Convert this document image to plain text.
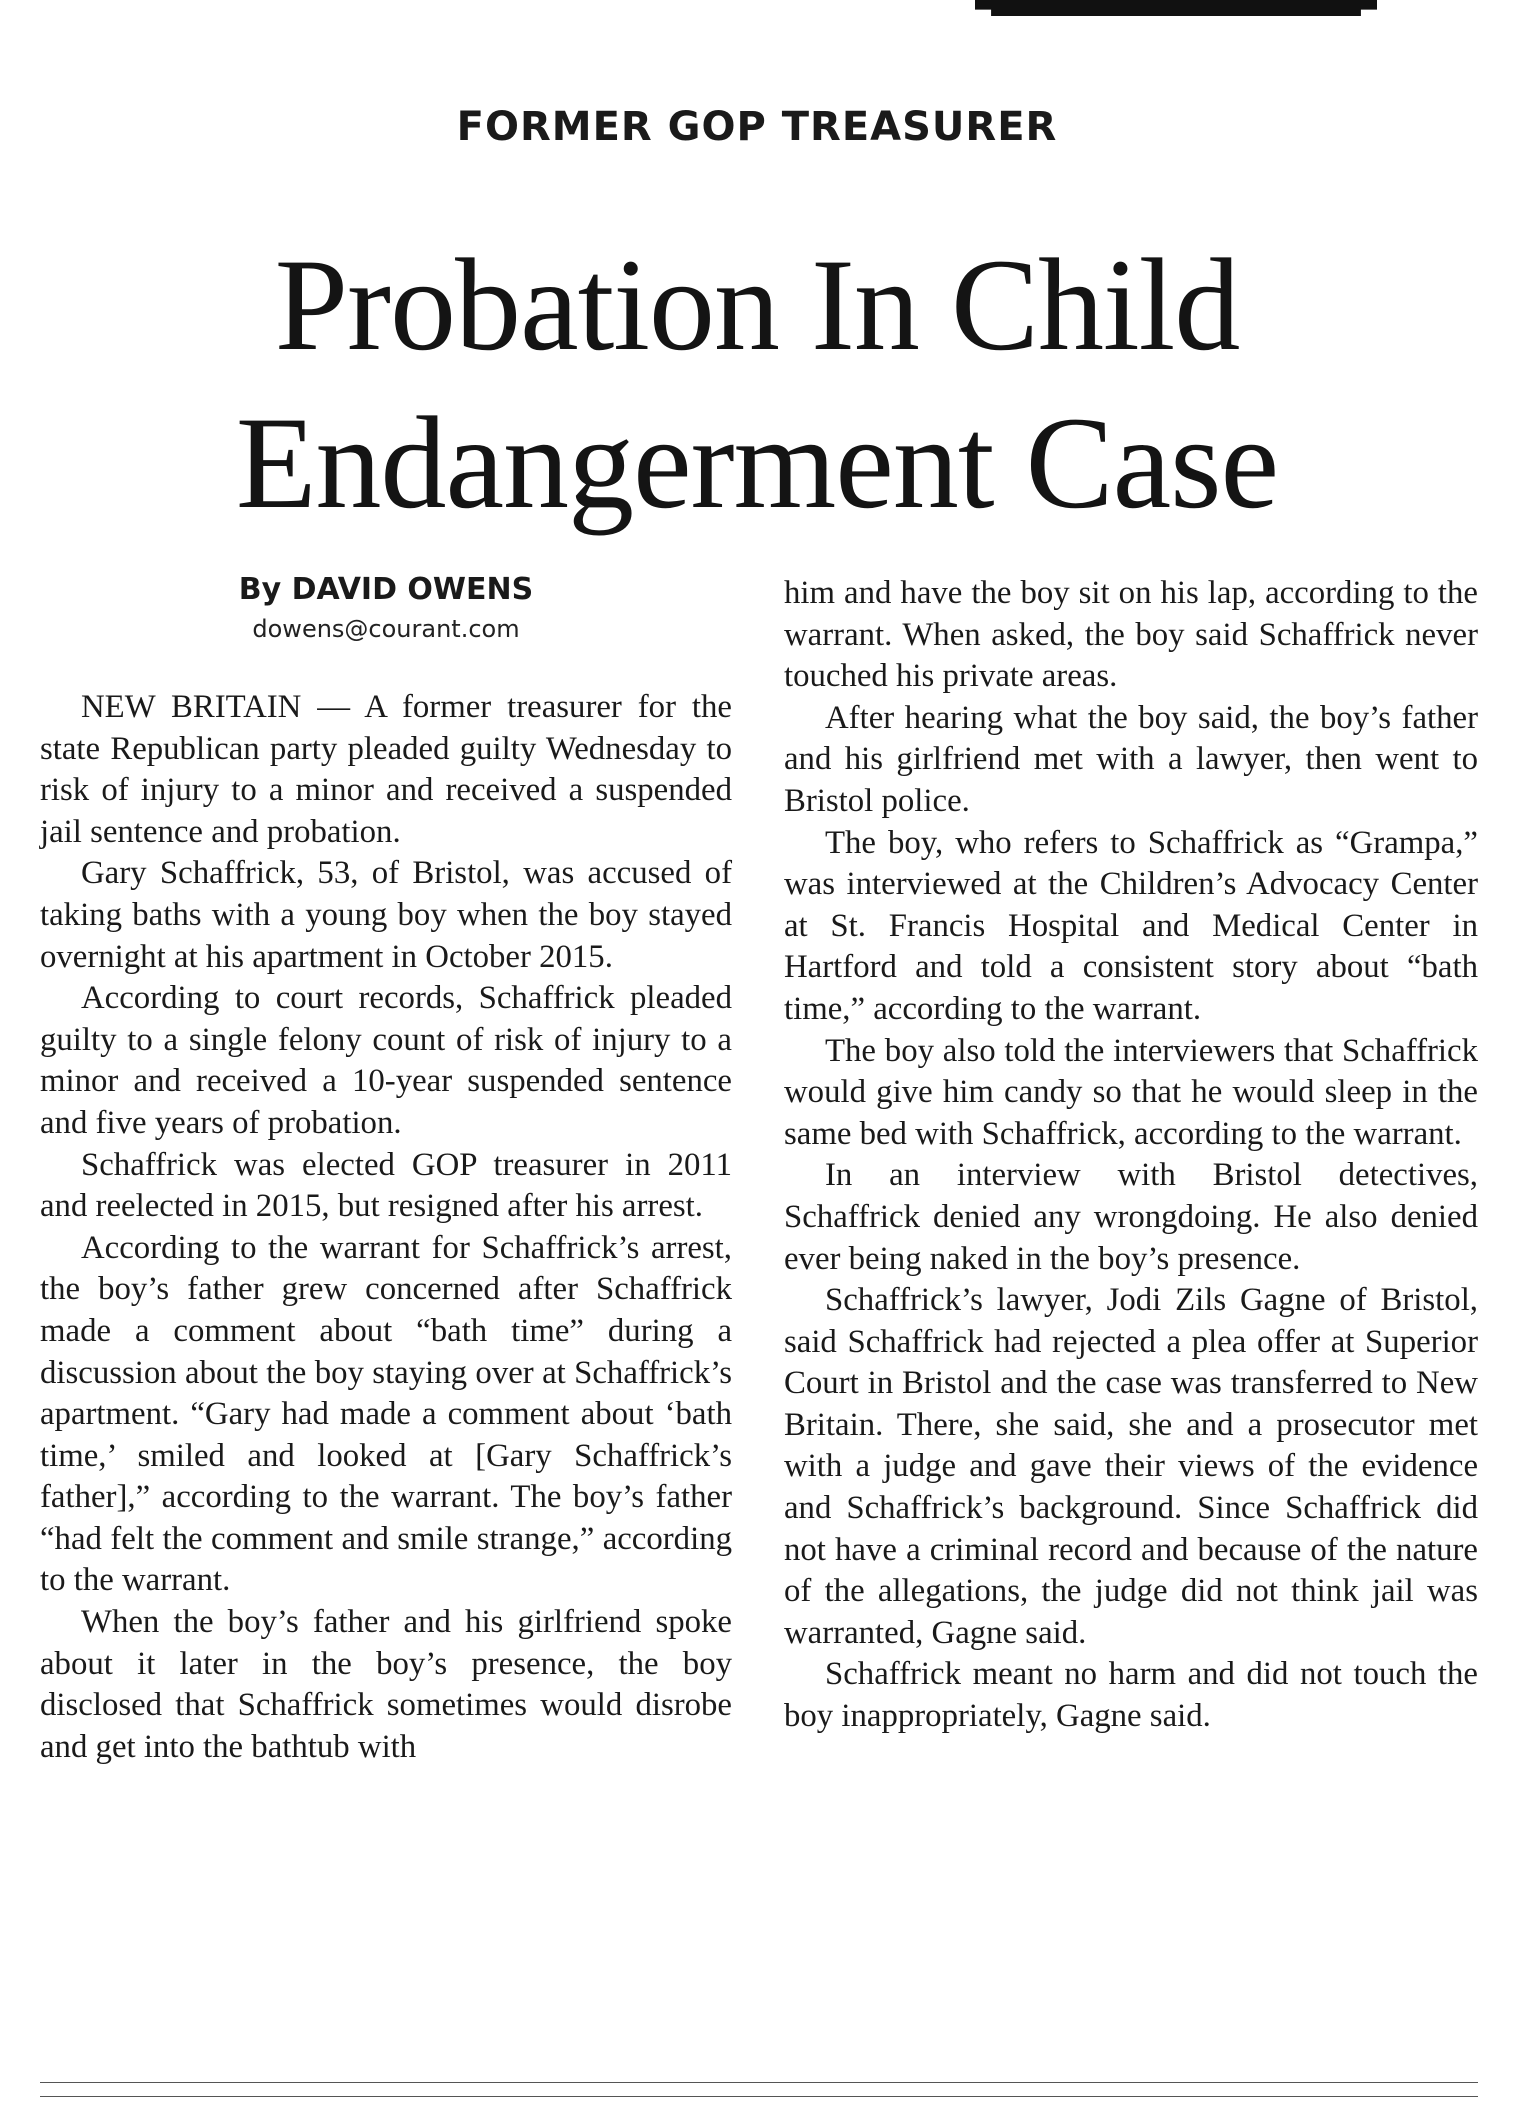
FORMER GOP TREASURER
Probation In Child
Endangerment Case
By DAVID OWENS
dowens@courant.com

NEW BRITAIN — A former treasurer for the state Republican party pleaded guilty Wednesday to risk of injury to a minor and received a suspended jail sentence and probation.

Gary Schaffrick, 53, of Bristol, was accused of taking baths with a young boy when the boy stayed overnight at his apartment in October 2015.

According to court records, Schaffrick pleaded guilty to a single felony count of risk of injury to a minor and received a 10-year suspended sentence and five years of probation.

Schaffrick was elected GOP treasurer in 2011 and reelected in 2015, but resigned after his arrest.

According to the warrant for Schaffrick’s arrest, the boy’s father grew concerned after Schaffrick made a comment about “bath time” during a discussion about the boy staying over at Schaffrick’s apartment. “Gary had made a comment about ‘bath time,’ smiled and looked at [Gary Schaffrick’s father],” according to the warrant. The boy’s father “had felt the comment and smile strange,” according to the warrant.

When the boy’s father and his girlfriend spoke about it later in the boy’s presence, the boy disclosed that Schaffrick sometimes would disrobe and get into the bathtub with

him and have the boy sit on his lap, according to the warrant. When asked, the boy said Schaffrick never touched his private areas.

After hearing what the boy said, the boy’s father and his girlfriend met with a lawyer, then went to Bristol police.

The boy, who refers to Schaffrick as “Grampa,” was interviewed at the Children’s Advocacy Center at St. Francis Hospital and Medical Center in Hartford and told a consistent story about “bath time,” according to the warrant.

The boy also told the interviewers that Schaffrick would give him candy so that he would sleep in the same bed with Schaffrick, according to the warrant.

In an interview with Bristol detectives, Schaffrick denied any wrongdoing. He also denied ever being naked in the boy’s presence.

Schaffrick’s lawyer, Jodi Zils Gagne of Bristol, said Schaffrick had rejected a plea offer at Superior Court in Bristol and the case was transferred to New Britain. There, she said, she and a prosecutor met with a judge and gave their views of the evidence and Schaffrick’s background. Since Schaffrick did not have a criminal record and because of the nature of the allegations, the judge did not think jail was warranted, Gagne said.

Schaffrick meant no harm and did not touch the boy inappropriately, Gagne said.
